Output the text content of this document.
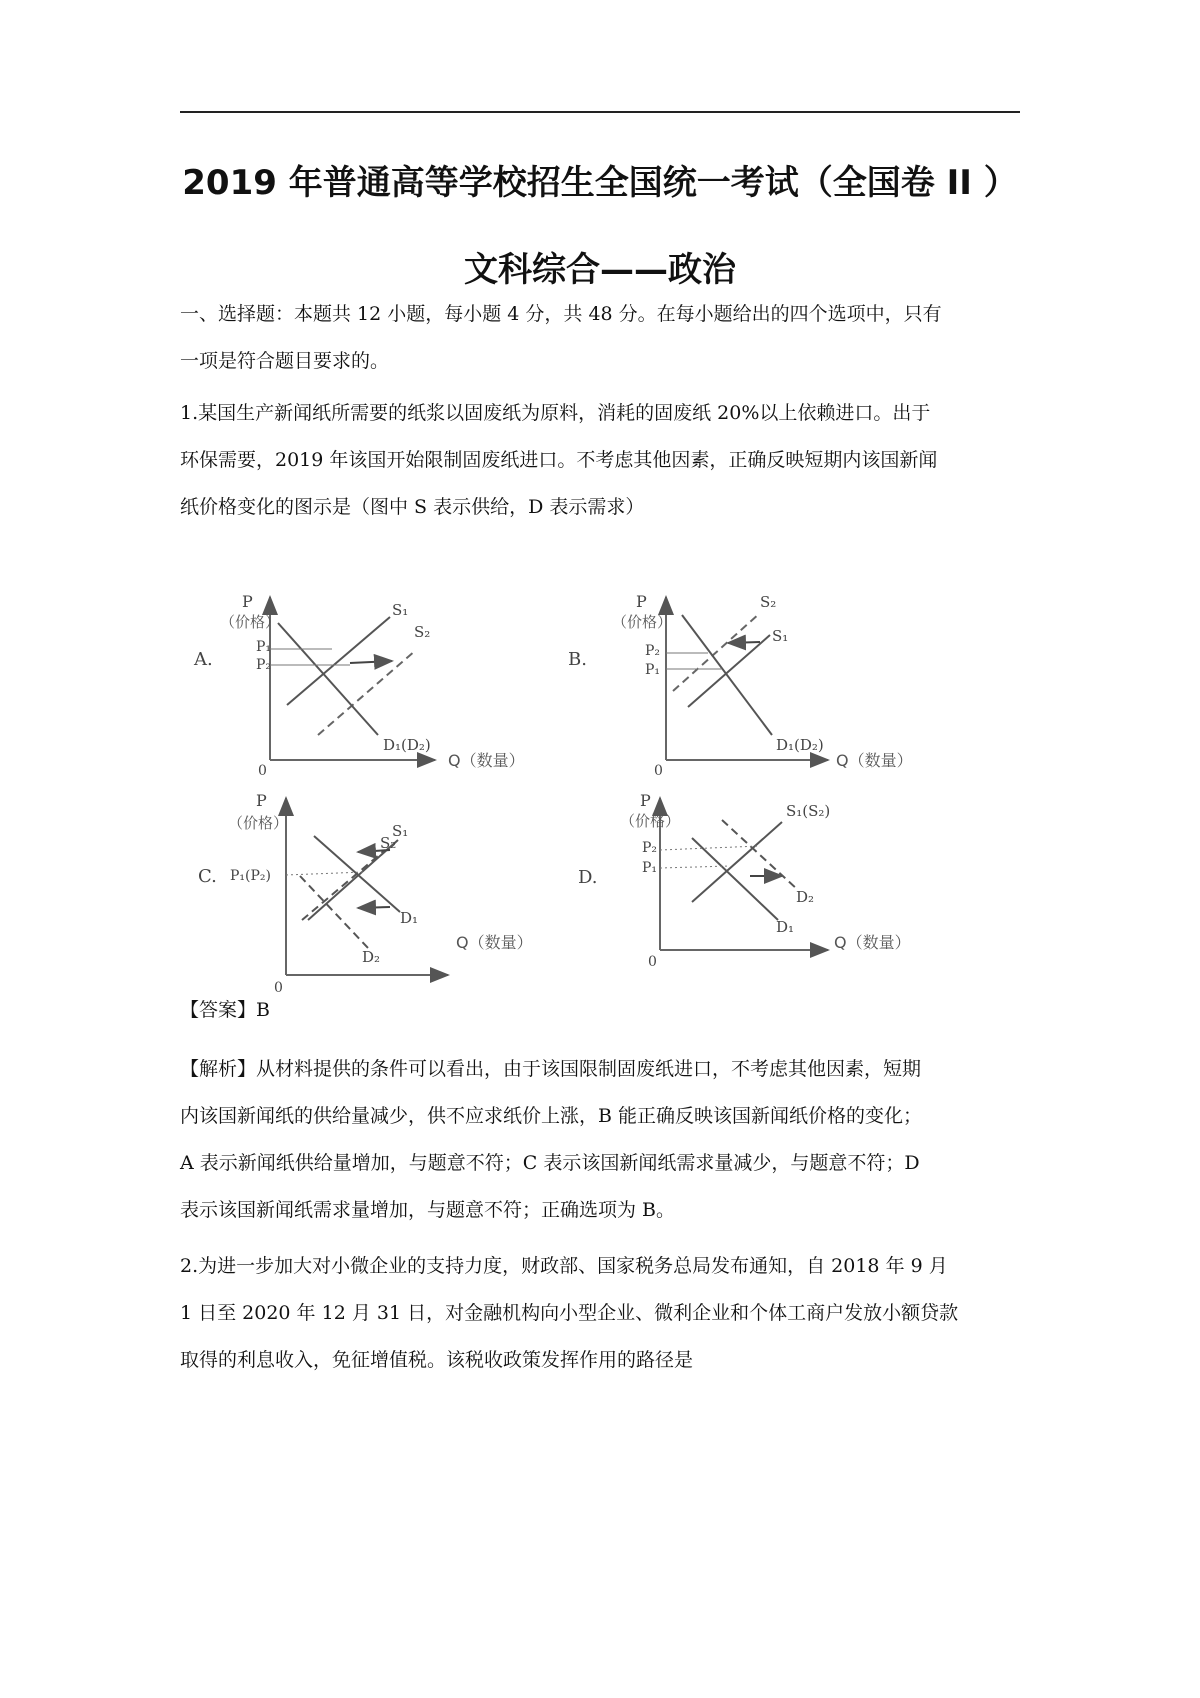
2019 年普通高等学校招生全国统一考试（全国卷 II ）
文科综合——政治
一、选择题：本题共 12 小题，每小题 4 分，共 48 分。在每小题给出的四个选项中，只有
一项是符合题目要求的。
1.某国生产新闻纸所需要的纸浆以固废纸为原料，消耗的固废纸 20%以上依赖进口。出于
环保需要，2019 年该国开始限制固废纸进口。不考虑其他因素，正确反映短期内该国新闻
纸价格变化的图示是（图中 S 表示供给，D 表示需求）
A.
P
（价格）
Q（数量）
0
S₁
S₂
P₁
P₂
D₁(D₂)
B.
P
（价格）
Q（数量）
0
S₂
S₁
P₂
P₁
D₁(D₂)
C.
P
（价格）
Q（数量）
0
S₂
S₁
P₁(P₂)
D₁
D₂
D.
P
（价格）
Q（数量）
0
S₁(S₂)
P₂
P₁
D₂
D₁
【答案】B
【解析】从材料提供的条件可以看出，由于该国限制固废纸进口，不考虑其他因素，短期
内该国新闻纸的供给量减少，供不应求纸价上涨，B 能正确反映该国新闻纸价格的变化；
A 表示新闻纸供给量增加，与题意不符；C 表示该国新闻纸需求量减少，与题意不符；D
表示该国新闻纸需求量增加，与题意不符；正确选项为 B。
2.为进一步加大对小微企业的支持力度，财政部、国家税务总局发布通知，自 2018 年 9 月
1 日至 2020 年 12 月 31 日，对金融机构向小型企业、微利企业和个体工商户发放小额贷款
取得的利息收入，免征增值税。该税收政策发挥作用的路径是
